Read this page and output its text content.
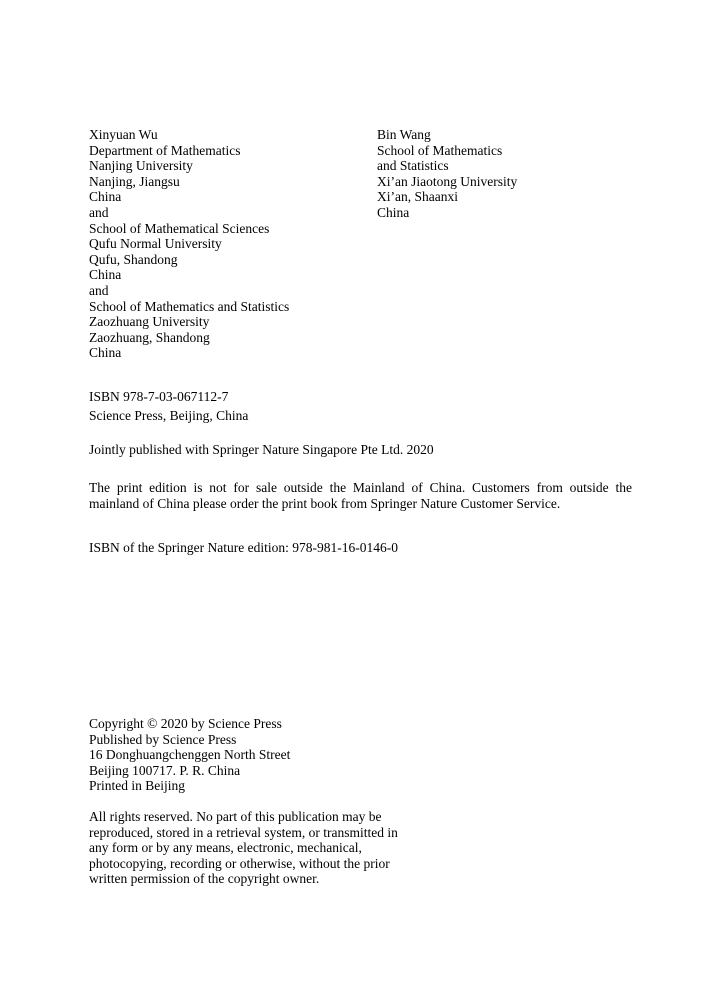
Xinyuan Wu
Department of Mathematics
Nanjing University
Nanjing, Jiangsu
China
and
School of Mathematical Sciences
Qufu Normal University
Qufu, Shandong
China
and
School of Mathematics and Statistics
Zaozhuang University
Zaozhuang, Shandong
China
Bin Wang
School of Mathematics
and Statistics
Xi’an Jiaotong University
Xi’an, Shaanxi
China
ISBN 978-7-03-067112-7
Science Press, Beijing, China
Jointly published with Springer Nature Singapore Pte Ltd. 2020
The print edition is not for sale outside the Mainland of China. Customers from outside the mainland of China please order the print book from Springer Nature Customer Service.
ISBN of the Springer Nature edition: 978-981-16-0146-0
Copyright © 2020 by Science Press
Published by Science Press
16 Donghuangchenggen North Street
Beijing 100717. P. R. China
Printed in Beijing
All rights reserved. No part of this publication may be
reproduced, stored in a retrieval system, or transmitted in
any form or by any means, electronic, mechanical,
photocopying, recording or otherwise, without the prior
written permission of the copyright owner.
